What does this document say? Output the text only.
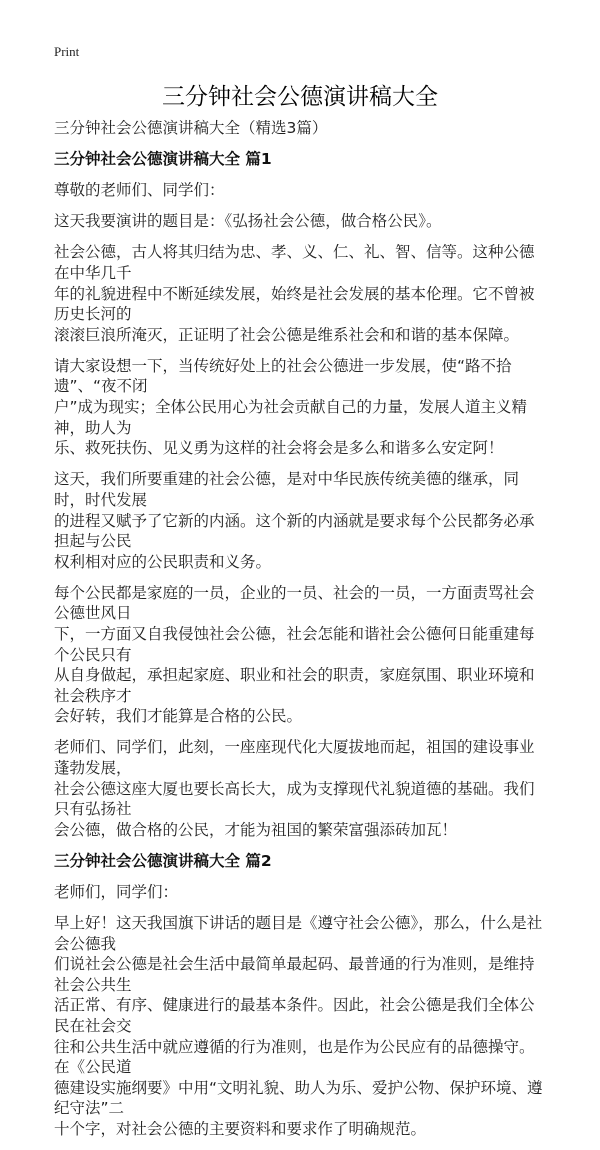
Print
三分钟社会公德演讲稿大全
三分钟社会公德演讲稿大全（精选3篇）
三分钟社会公德演讲稿大全 篇1
尊敬的老师们、同学们：
这天我要演讲的题目是：《弘扬社会公德，做合格公民》。
社会公德，古人将其归结为忠、孝、义、仁、礼、智、信等。这种公德在中华几千
年的礼貌进程中不断延续发展，始终是社会发展的基本伦理。它不曾被历史长河的
滚滚巨浪所淹灭，正证明了社会公德是维系社会和和谐的基本保障。
请大家设想一下，当传统好处上的社会公德进一步发展，使“路不拾遗”、“夜不闭
户”成为现实；全体公民用心为社会贡献自己的力量，发展人道主义精神，助人为
乐、救死扶伤、见义勇为这样的社会将会是多么和谐多么安定阿！
这天，我们所要重建的社会公德，是对中华民族传统美德的继承，同时，时代发展
的进程又赋予了它新的内涵。这个新的内涵就是要求每个公民都务必承担起与公民
权利相对应的公民职责和义务。
每个公民都是家庭的一员，企业的一员、社会的一员，一方面责骂社会公德世风日
下，一方面又自我侵蚀社会公德，社会怎能和谐社会公德何日能重建每个公民只有
从自身做起，承担起家庭、职业和社会的职责，家庭氛围、职业环境和社会秩序才
会好转，我们才能算是合格的公民。
老师们、同学们，此刻，一座座现代化大厦拔地而起，祖国的建设事业蓬勃发展，
社会公德这座大厦也要长高长大，成为支撑现代礼貌道德的基础。我们只有弘扬社
会公德，做合格的公民，才能为祖国的繁荣富强添砖加瓦！
三分钟社会公德演讲稿大全 篇2
老师们，同学们：
早上好！这天我国旗下讲话的题目是《遵守社会公德》，那么，什么是社会公德我
们说社会公德是社会生活中最简单最起码、最普通的行为准则，是维持社会公共生
活正常、有序、健康进行的最基本条件。因此，社会公德是我们全体公民在社会交
往和公共生活中就应遵循的行为准则，也是作为公民应有的品德操守。在《公民道
德建设实施纲要》中用“文明礼貌、助人为乐、爱护公物、保护环境、遵纪守法”二
十个字，对社会公德的主要资料和要求作了明确规范。
